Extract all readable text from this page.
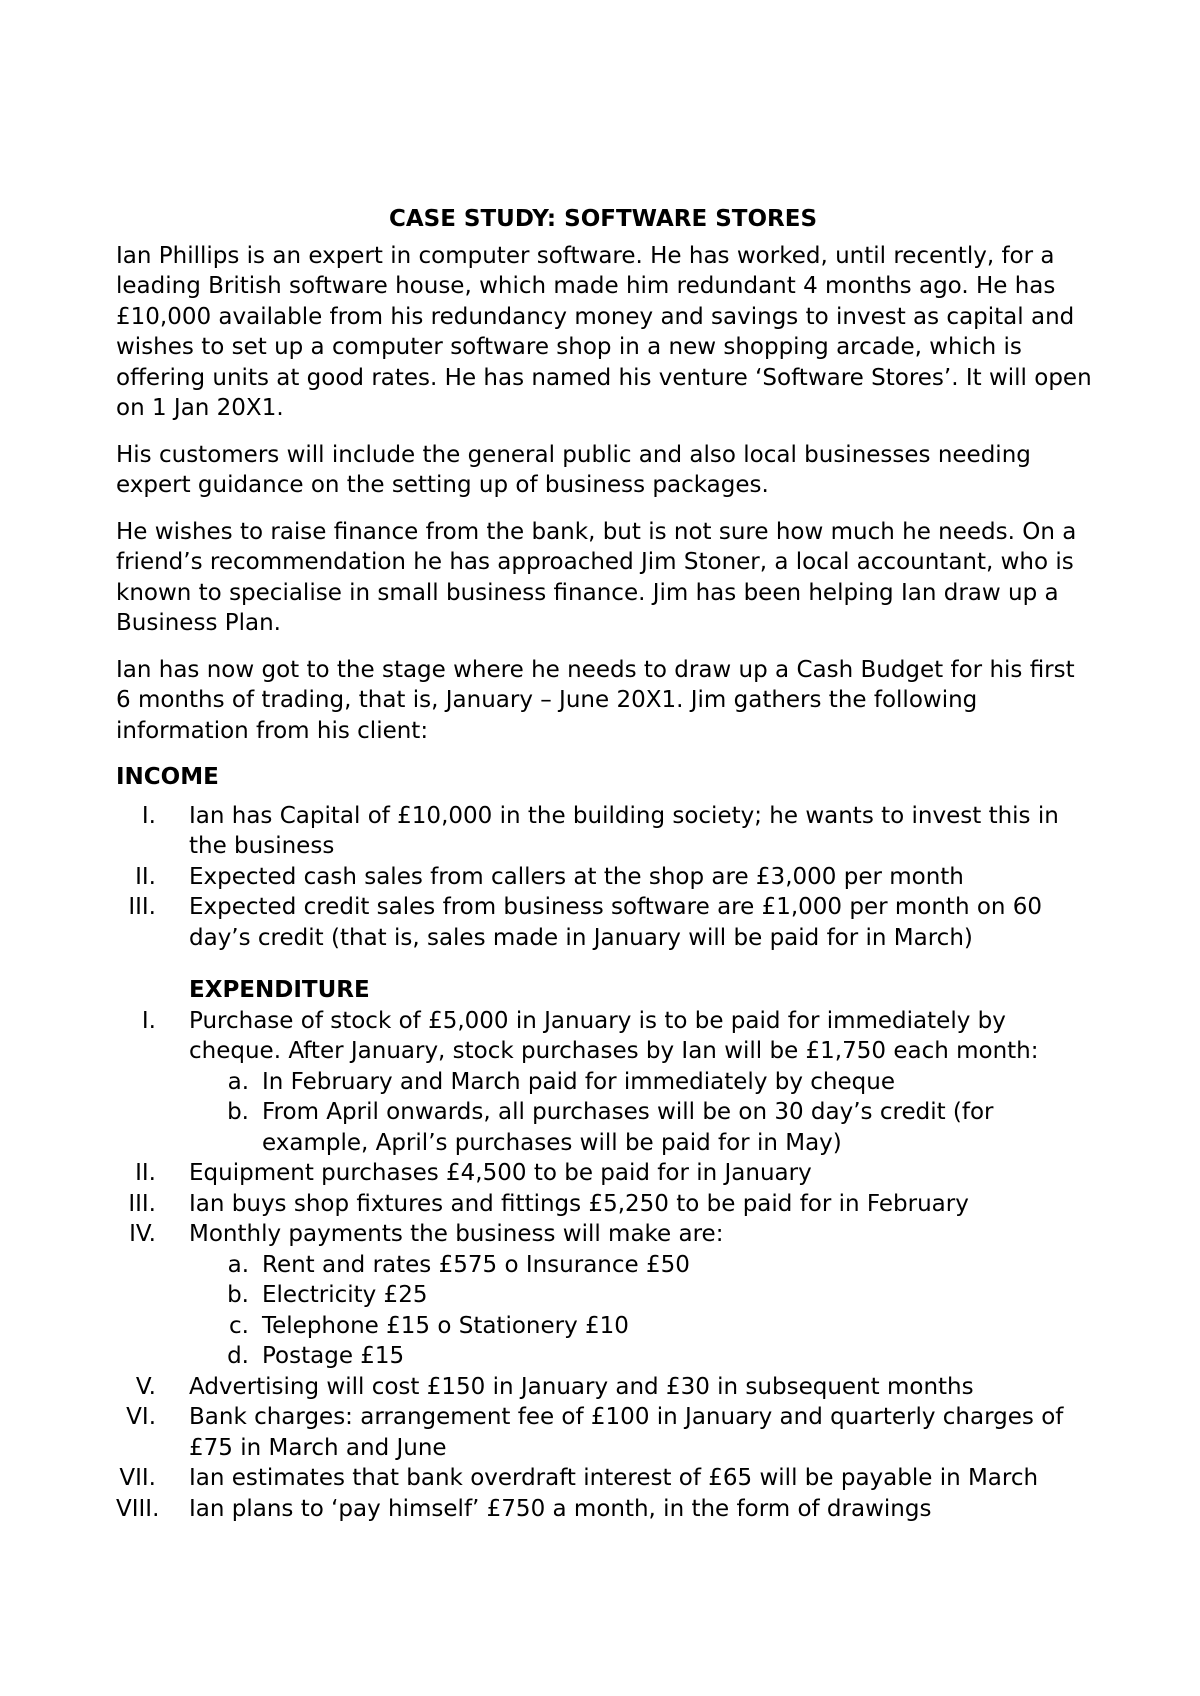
CASE STUDY: SOFTWARE STORES

Ian Phillips is an expert in computer software. He has worked, until recently, for a leading British software house, which made him redundant 4 months ago. He has £10,000 available from his redundancy money and savings to invest as capital and wishes to set up a computer software shop in a new shopping arcade, which is offering units at good rates. He has named his venture ‘Software Stores’. It will open on 1 Jan 20X1.

His customers will include the general public and also local businesses needing expert guidance on the setting up of business packages.

He wishes to raise finance from the bank, but is not sure how much he needs. On a friend’s recommendation he has approached Jim Stoner, a local accountant, who is known to specialise in small business finance. Jim has been helping Ian draw up a Business Plan.

Ian has now got to the stage where he needs to draw up a Cash Budget for his first 6 months of trading, that is, January – June 20X1. Jim gathers the following information from his client:

INCOME
I. Ian has Capital of £10,000 in the building society; he wants to invest this in the business
II. Expected cash sales from callers at the shop are £3,000 per month
III. Expected credit sales from business software are £1,000 per month on 60 day’s credit (that is, sales made in January will be paid for in March)
EXPENDITURE
I. Purchase of stock of £5,000 in January is to be paid for immediately by cheque. After January, stock purchases by Ian will be £1,750 each month:
a. In February and March paid for immediately by cheque
b. From April onwards, all purchases will be on 30 day’s credit (for example, April’s purchases will be paid for in May)
II. Equipment purchases £4,500 to be paid for in January
III. Ian buys shop fixtures and fittings £5,250 to be paid for in February
IV. Monthly payments the business will make are:
a. Rent and rates £575 o Insurance £50
b. Electricity £25
c. Telephone £15 o Stationery £10
d. Postage £15
V. Advertising will cost £150 in January and £30 in subsequent months
VI. Bank charges: arrangement fee of £100 in January and quarterly charges of £75 in March and June
VII. Ian estimates that bank overdraft interest of £65 will be payable in March
VIII. Ian plans to ‘pay himself’ £750 a month, in the form of drawings
